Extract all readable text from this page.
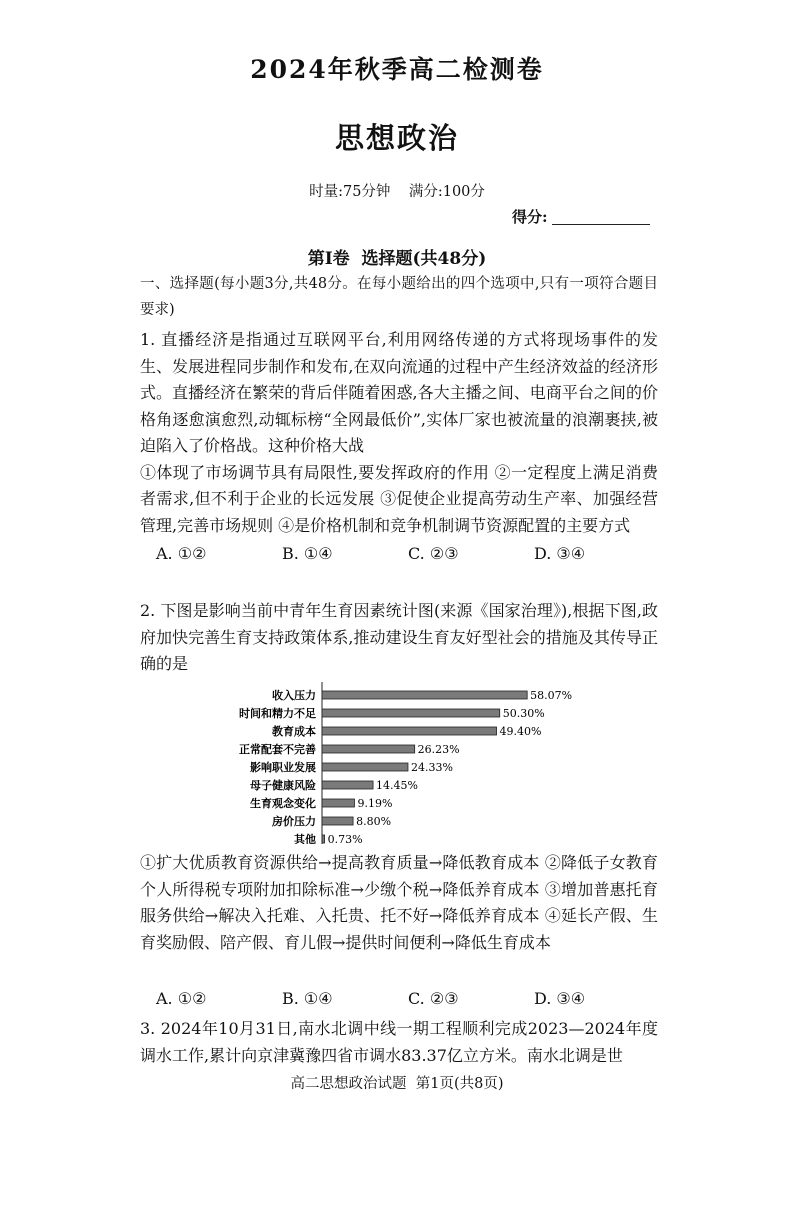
2024年秋季高二检测卷
思想政治
时量:75分钟    满分:100分
得分:
第Ⅰ卷  选择题(共48分)
一、选择题(每小题3分,共48分。在每小题给出的四个选项中,只有一项符合题目要求)

1. 直播经济是指通过互联网平台,利用网络传递的方式将现场事件的发生、发展进程同步制作和发布,在双向流通的过程中产生经济效益的经济形式。直播经济在繁荣的背后伴随着困惑,各大主播之间、电商平台之间的价格角逐愈演愈烈,动辄标榜“全网最低价”,实体厂家也被流量的浪潮裹挟,被迫陷入了价格战。这种价格大战

①体现了市场调节具有局限性,要发挥政府的作用 ②一定程度上满足消费者需求,但不利于企业的长远发展 ③促使企业提高劳动生产率、加强经营管理,完善市场规则 ④是价格机制和竞争机制调节资源配置的主要方式

A. ①②	B. ①④	C. ②③	D. ③④
2. 下图是影响当前中青年生育因素统计图(来源《国家治理》),根据下图,政府加快完善生育支持政策体系,推动建设生育友好型社会的措施及其传导正确的是
收入压力	58.07%
时间和精力不足	50.30%
教育成本	49.40%
正常配套不完善	26.23%
影响职业发展	24.33%
母子健康风险	14.45%
生育观念变化	9.19%
房价压力	8.80%
其他 0.73%
①扩大优质教育资源供给→提高教育质量→降低教育成本 ②降低子女教育个人所得税专项附加扣除标准→少缴个税→降低养育成本 ③增加普惠托育服务供给→解决入托难、入托贵、托不好→降低养育成本 ④延长产假、生育奖励假、陪产假、育儿假→提供时间便利→降低生育成本
A. ①②	B. ①④	C. ②③	D. ③④
3. 2024年10月31日,南水北调中线一期工程顺利完成2023—2024年度调水工作,累计向京津冀豫四省市调水83.37亿立方米。南水北调是世
高二思想政治试题  第1页(共8页)
